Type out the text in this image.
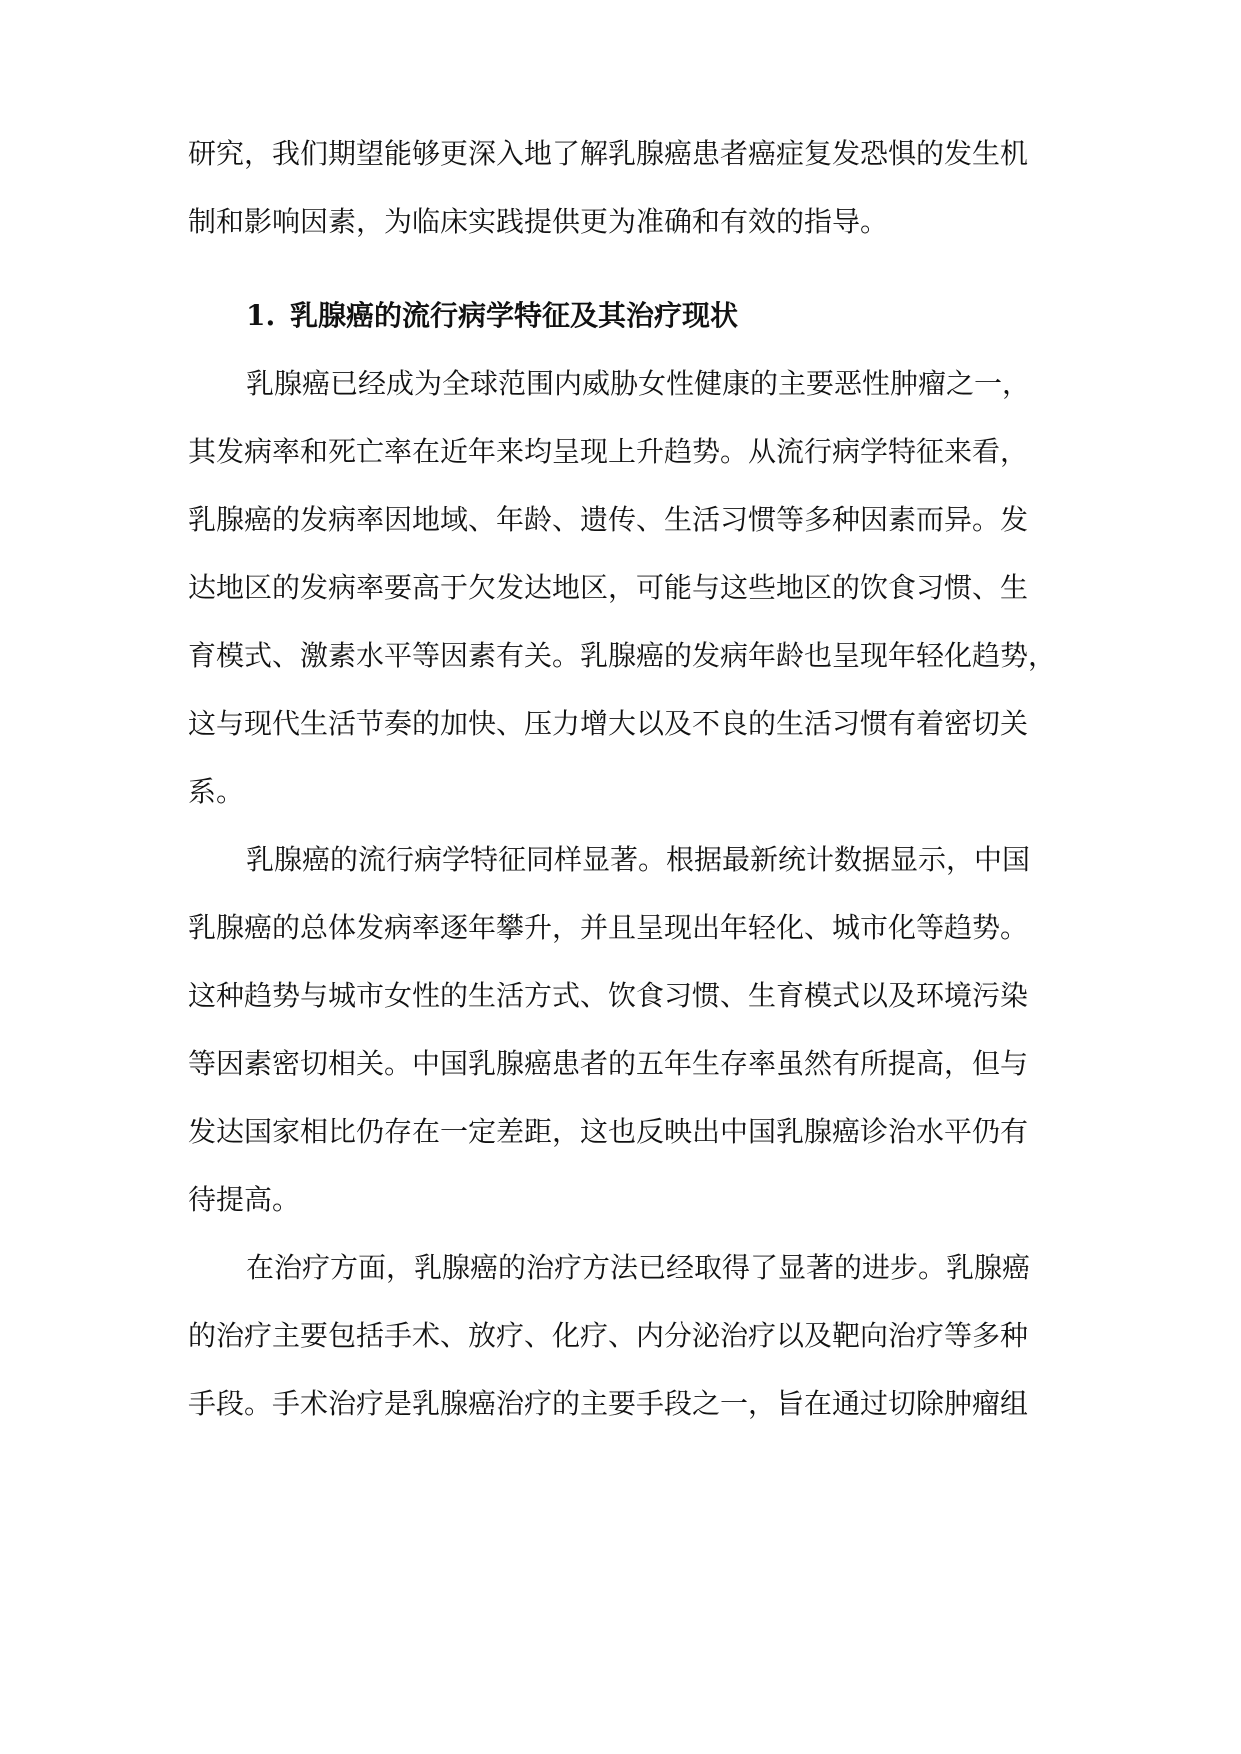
研究，我们期望能够更深入地了解乳腺癌患者癌症复发恐惧的发生机
制和影响因素，为临床实践提供更为准确和有效的指导。
1. 乳腺癌的流行病学特征及其治疗现状
乳腺癌已经成为全球范围内威胁女性健康的主要恶性肿瘤之一，
其发病率和死亡率在近年来均呈现上升趋势。从流行病学特征来看，
乳腺癌的发病率因地域、年龄、遗传、生活习惯等多种因素而异。发
达地区的发病率要高于欠发达地区，可能与这些地区的饮食习惯、生
育模式、激素水平等因素有关。乳腺癌的发病年龄也呈现年轻化趋势，
这与现代生活节奏的加快、压力增大以及不良的生活习惯有着密切关
系。
乳腺癌的流行病学特征同样显著。根据最新统计数据显示，中国
乳腺癌的总体发病率逐年攀升，并且呈现出年轻化、城市化等趋势。
这种趋势与城市女性的生活方式、饮食习惯、生育模式以及环境污染
等因素密切相关。中国乳腺癌患者的五年生存率虽然有所提高，但与
发达国家相比仍存在一定差距，这也反映出中国乳腺癌诊治水平仍有
待提高。
在治疗方面，乳腺癌的治疗方法已经取得了显著的进步。乳腺癌
的治疗主要包括手术、放疗、化疗、内分泌治疗以及靶向治疗等多种
手段。手术治疗是乳腺癌治疗的主要手段之一，旨在通过切除肿瘤组
